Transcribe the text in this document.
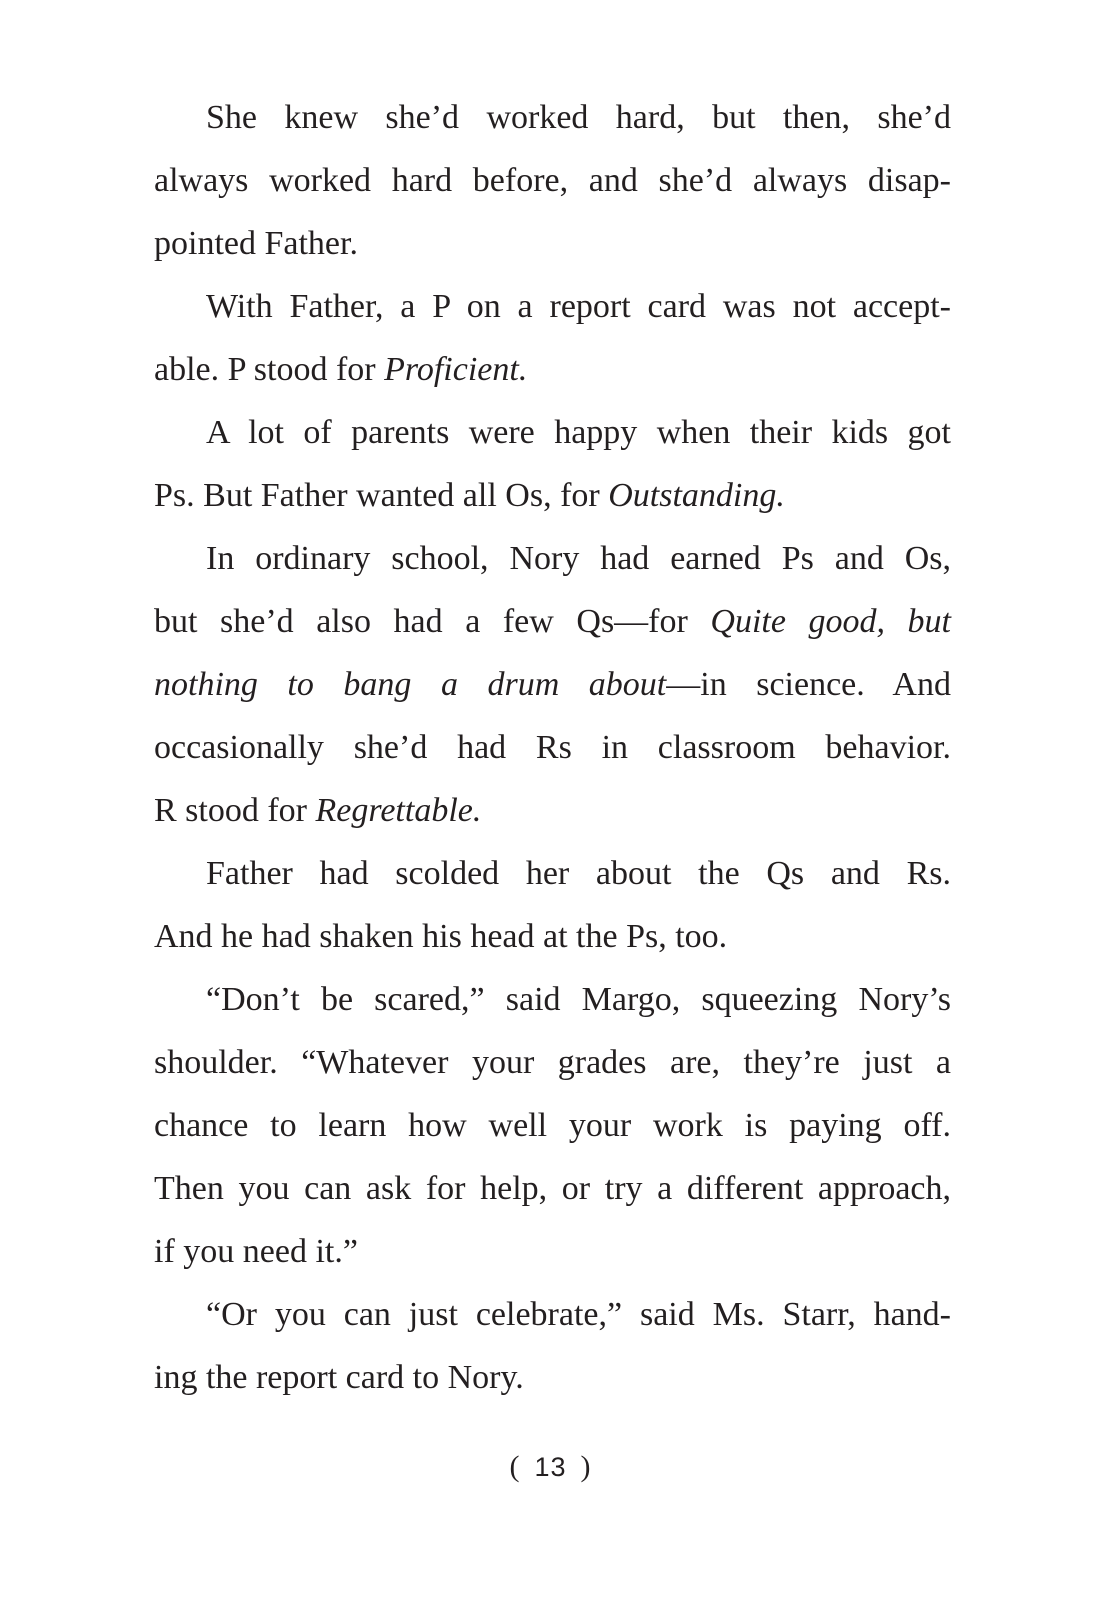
She knew she’d worked hard, but then, she’d
always worked hard before, and she’d always disap-
pointed Father.
With Father, a P on a report card was not accept-
able. P stood for Proficient.
A lot of parents were happy when their kids got
Ps. But Father wanted all Os, for Outstanding.
In ordinary school, Nory had earned Ps and Os,
but she’d also had a few Qs—for Quite good, but
nothing to bang a drum about—in science. And
occasionally she’d had Rs in classroom behavior.
R stood for Regrettable.
Father had scolded her about the Qs and Rs.
And he had shaken his head at the Ps, too.
“Don’t be scared,” said Margo, squeezing Nory’s
shoulder. “Whatever your grades are, they’re just a
chance to learn how well your work is paying off.
Then you can ask for help, or try a different approach,
if you need it.”
“Or you can just celebrate,” said Ms. Starr, hand-
ing the report card to Nory.
( 13 )
